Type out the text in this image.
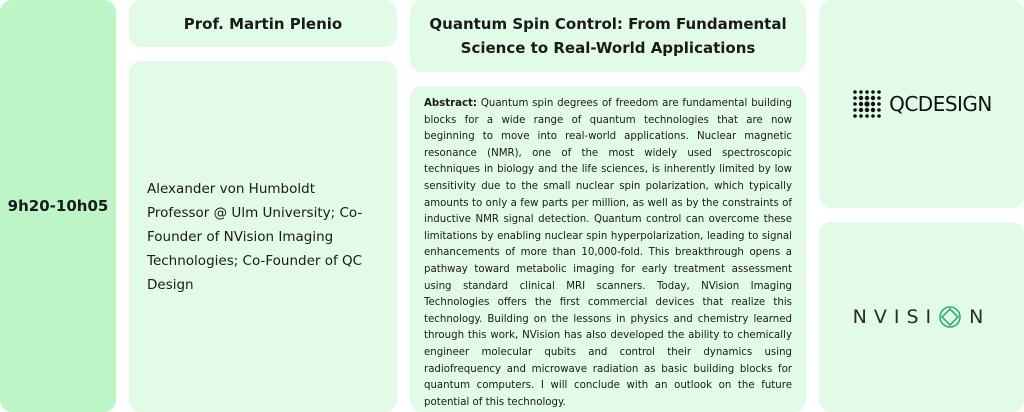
9h20-10h05
Prof. Martin Plenio
Alexander von Humboldt Professor @ Ulm University; Co-Founder of NVision Imaging Technologies; Co-Founder of QC Design
Quantum Spin Control: From Fundamental Science to Real-World Applications

Abstract: Quantum spin degrees of freedom are fundamental building blocks for a wide range of quantum technologies that are now beginning to move into real-world applications. Nuclear magnetic resonance (NMR), one of the most widely used spectroscopic techniques in biology and the life sciences, is inherently limited by low sensitivity due to the small nuclear spin polarization, which typically amounts to only a few parts per million, as well as by the constraints of inductive NMR signal detection. Quantum control can overcome these limitations by enabling nuclear spin hyperpolarization, leading to signal enhancements of more than 10,000-fold. This breakthrough opens a pathway toward metabolic imaging for early treatment assessment using standard clinical MRI scanners. Today, NVision Imaging Technologies offers the first commercial devices that realize this technology. Building on the lessons in physics and chemistry learned through this work, NVision has also developed the ability to chemically engineer molecular qubits and control their dynamics using radiofrequency and microwave radiation as basic building blocks for quantum computers. I will conclude with an outlook on the future potential of this technology.

QCDESIGN
NVISI N
